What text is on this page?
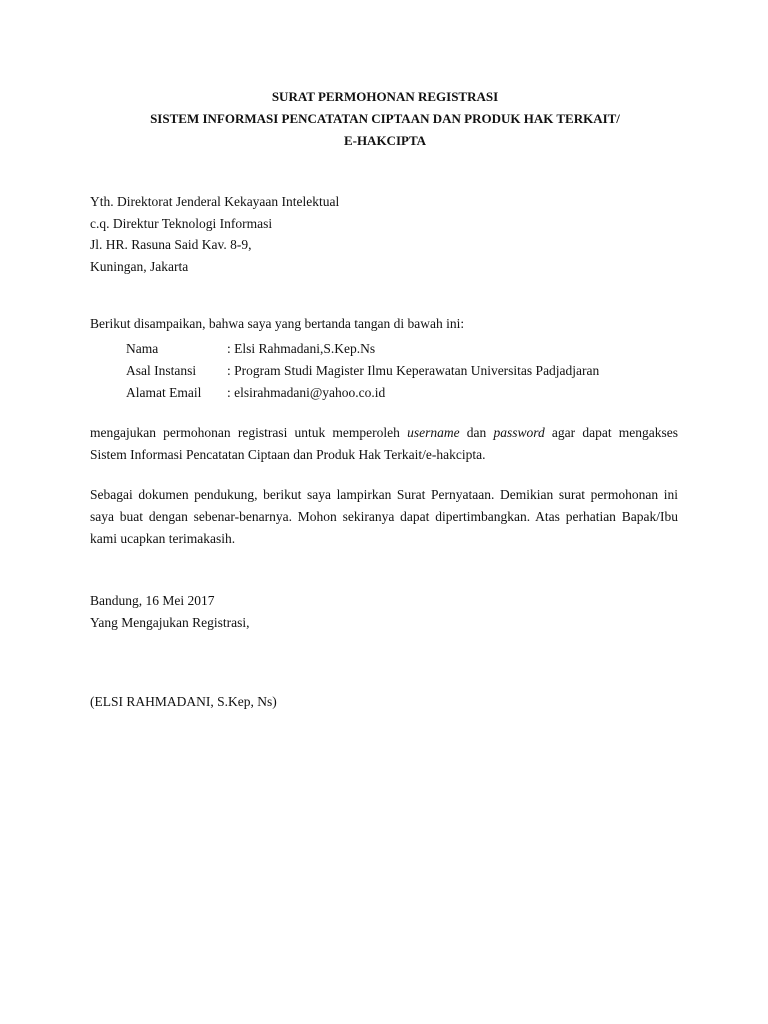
SURAT PERMOHONAN REGISTRASI
SISTEM INFORMASI PENCATATAN CIPTAAN DAN PRODUK HAK TERKAIT/
E-HAKCIPTA
Yth. Direktorat Jenderal Kekayaan Intelektual
c.q. Direktur Teknologi Informasi
Jl. HR. Rasuna Said Kav. 8-9,
Kuningan, Jakarta
Berikut disampaikan, bahwa saya yang bertanda tangan di bawah ini:
Nama	: Elsi Rahmadani,S.Kep.Ns
Asal Instansi	: Program Studi Magister Ilmu Keperawatan Universitas Padjadjaran
Alamat Email	: elsirahmadani@yahoo.co.id
mengajukan permohonan registrasi untuk memperoleh username dan password agar dapat mengakses Sistem Informasi Pencatatan Ciptaan dan Produk Hak Terkait/e-hakcipta.
Sebagai dokumen pendukung, berikut saya lampirkan Surat Pernyataan. Demikian surat permohonan ini saya buat dengan sebenar-benarnya. Mohon sekiranya dapat dipertimbangkan. Atas perhatian Bapak/Ibu kami ucapkan terimakasih.
Bandung, 16 Mei 2017
Yang Mengajukan Registrasi,
(ELSI RAHMADANI, S.Kep, Ns)
